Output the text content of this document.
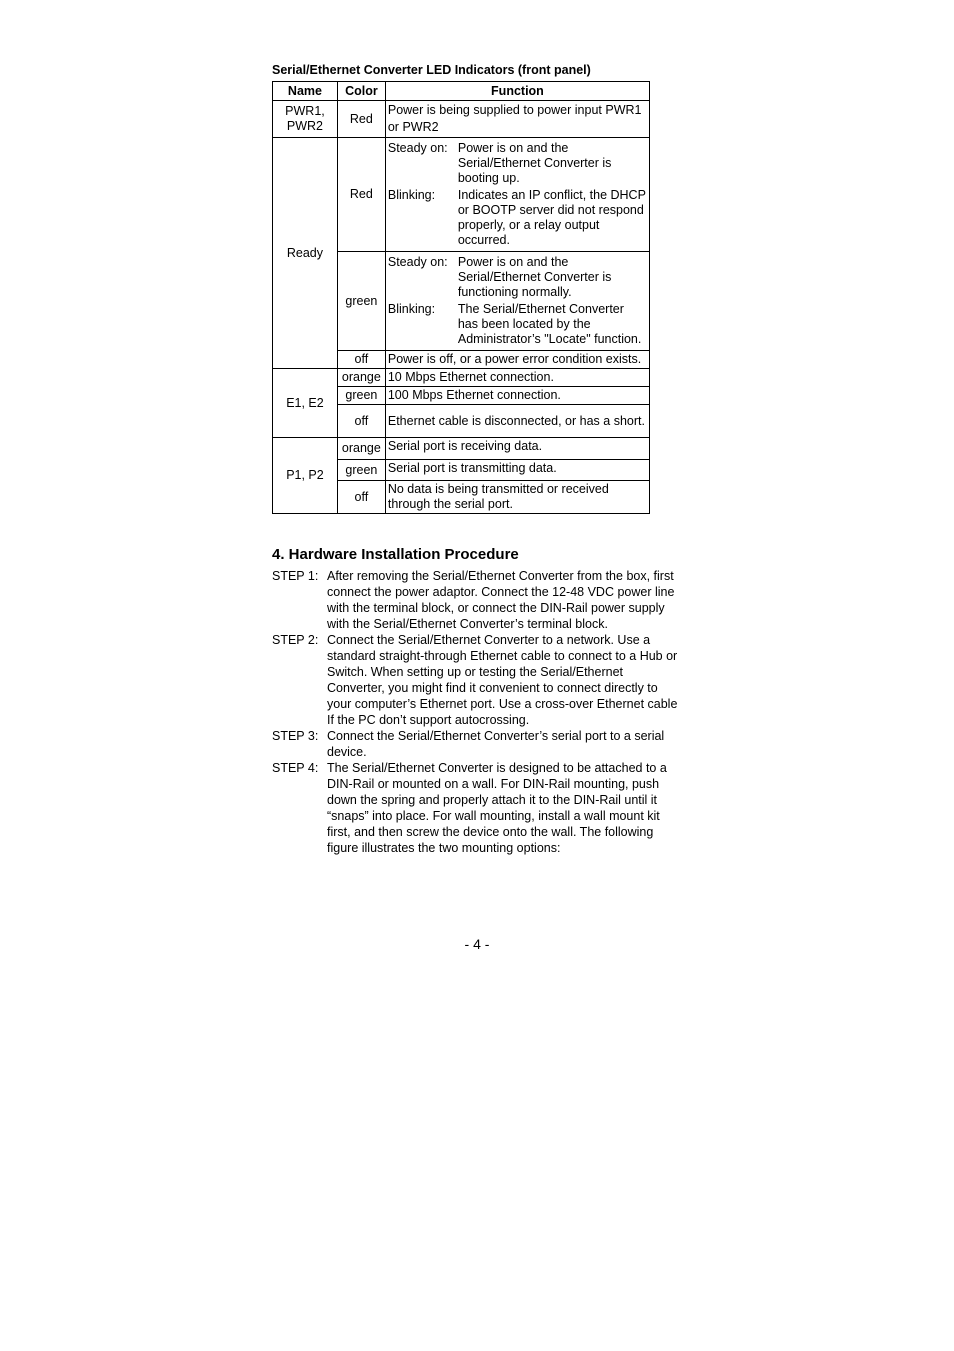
Serial/Ethernet Converter LED Indicators (front panel)
Name	Color	Function

PWR1, PWR2	Red	Power is being supplied to power input PWR1 or PWR2
Ready	Red	Steady on: Power is on and the Serial/Ethernet Converter is booting up.
Blinking: Indicates an IP conflict, the DHCP or BOOTP server did not respond properly, or a relay output occurred.

	green	Steady on: Power is on and the Serial/Ethernet Converter is functioning normally.
Blinking: The Serial/Ethernet Converter has been located by the Administrator’s "Locate" function.

	off	Power is off, or a power error condition exists.
E1, E2	orange	10 Mbps Ethernet connection.
	green	100 Mbps Ethernet connection.
	off	Ethernet cable is disconnected, or has a short.
P1, P2	orange	Serial port is receiving data.
	green	Serial port is transmitting data.
	off	No data is being transmitted or received through the serial port.
4. Hardware Installation Procedure
STEP 1: After removing the Serial/Ethernet Converter from the box, first connect the power adaptor. Connect the 12-48 VDC power line with the terminal block, or connect the DIN-Rail power supply with the Serial/Ethernet Converter’s terminal block.
STEP 2: Connect the Serial/Ethernet Converter to a network. Use a standard straight-through Ethernet cable to connect to a Hub or Switch. When setting up or testing the Serial/Ethernet Converter, you might find it convenient to connect directly to your computer’s Ethernet port. Use a cross-over Ethernet cable If the PC don’t support autocrossing.
STEP 3: Connect the Serial/Ethernet Converter’s serial port to a serial device.
STEP 4: The Serial/Ethernet Converter is designed to be attached to a DIN-Rail or mounted on a wall. For DIN-Rail mounting, push down the spring and properly attach it to the DIN-Rail until it “snaps” into place. For wall mounting, install a wall mount kit first, and then screw the device onto the wall. The following figure illustrates the two mounting options:
- 4 -
